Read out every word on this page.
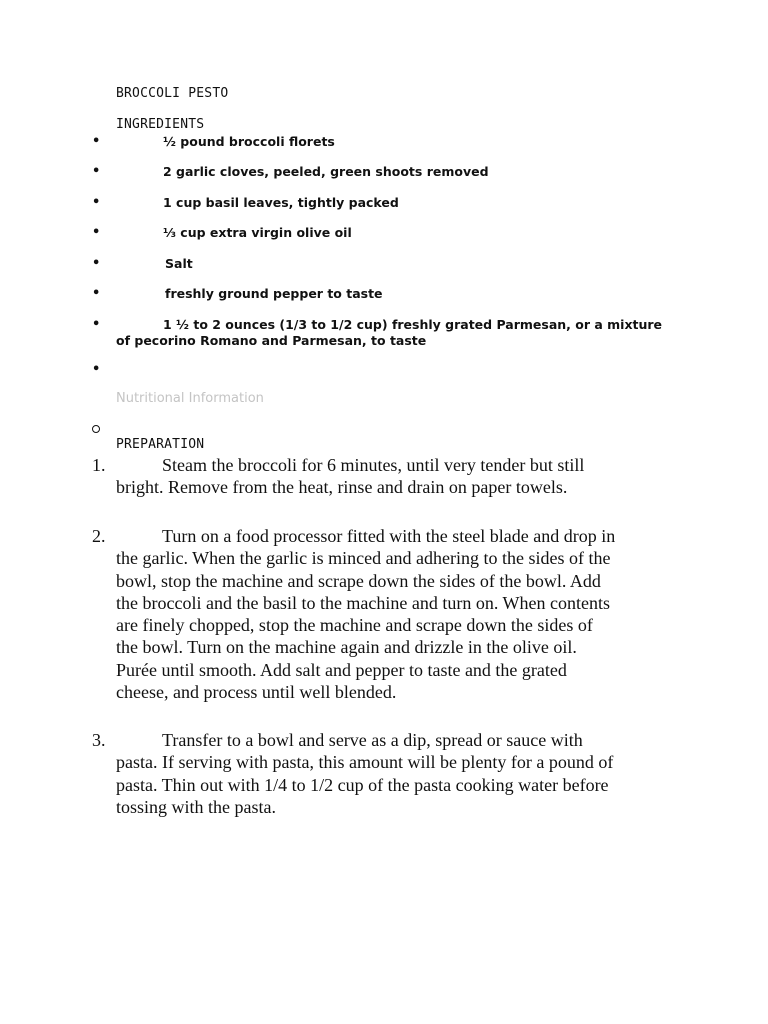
BROCCOLI PESTO
INGREDIENTS
•	½ pound broccoli florets
•	2 garlic cloves, peeled, green shoots removed
•	1 cup basil leaves, tightly packed
•	⅓ cup extra virgin olive oil
•	Salt
•	freshly ground pepper to taste
•	1 ½ to 2 ounces (1/3 to 1/2 cup) freshly grated Parmesan, or a mixture
of pecorino Romano and Parmesan, to taste
•
Nutritional Information
PREPARATION
1.	Steam the broccoli for 6 minutes, until very tender but still
bright. Remove from the heat, rinse and drain on paper towels.
2.	Turn on a food processor fitted with the steel blade and drop in
the garlic. When the garlic is minced and adhering to the sides of the
bowl, stop the machine and scrape down the sides of the bowl. Add
the broccoli and the basil to the machine and turn on. When contents
are finely chopped, stop the machine and scrape down the sides of
the bowl. Turn on the machine again and drizzle in the olive oil.
Purée until smooth. Add salt and pepper to taste and the grated
cheese, and process until well blended.
3.	Transfer to a bowl and serve as a dip, spread or sauce with
pasta. If serving with pasta, this amount will be plenty for a pound of
pasta. Thin out with 1/4 to 1/2 cup of the pasta cooking water before
tossing with the pasta.
